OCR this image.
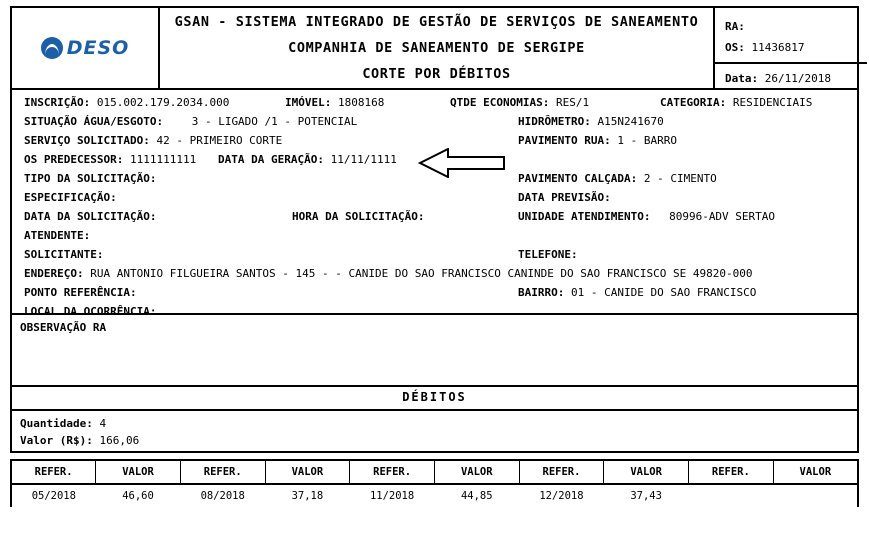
DESO
GSAN - SISTEMA INTEGRADO DE GESTÃO DE SERVIÇOS DE SANEAMENTO
COMPANHIA DE SANEAMENTO DE SERGIPE
CORTE POR DÉBITOS
RA:
OS: 11436817
Data: 26/11/2018
INSCRIÇÃO: 015.002.179.2034.000	IMÓVEL: 1808168	QTDE ECONOMIAS: RES/1	CATEGORIA: RESIDENCIAIS
SITUAÇÃO ÁGUA/ESGOTO:	3 - LIGADO /1 - POTENCIAL	HIDRÔMETRO: A15N241670
SERVIÇO SOLICITADO: 42 - PRIMEIRO CORTE	PAVIMENTO RUA: 1 - BARRO
OS PREDECESSOR: 1111111111 DATA DA GERAÇÃO: 11/11/1111
TIPO DA SOLICITAÇÃO:	PAVIMENTO CALÇADA: 2 - CIMENTO
ESPECIFICAÇÃO:	DATA PREVISÃO:
DATA DA SOLICITAÇÃO:	HORA DA SOLICITAÇÃO:	UNIDADE ATENDIMENTO: 80996-ADV SERTAO
ATENDENTE:
SOLICITANTE:	TELEFONE:
ENDEREÇO: RUA ANTONIO FILGUEIRA SANTOS - 145 - - CANIDE DO SAO FRANCISCO CANINDE DO SAO FRANCISCO SE 49820-000
PONTO REFERÊNCIA:	BAIRRO: 01 - CANIDE DO SAO FRANCISCO
LOCAL DA OCORRÊNCIA:
OBSERVAÇÃO RA
DÉBITOS
Quantidade: 4
Valor (R$): 166,06
REFER.	VALOR	REFER.	VALOR	REFER.	VALOR	REFER.	VALOR	REFER.	VALOR
05/2018	46,60	08/2018	37,18	11/2018	44,85	12/2018	37,43		
